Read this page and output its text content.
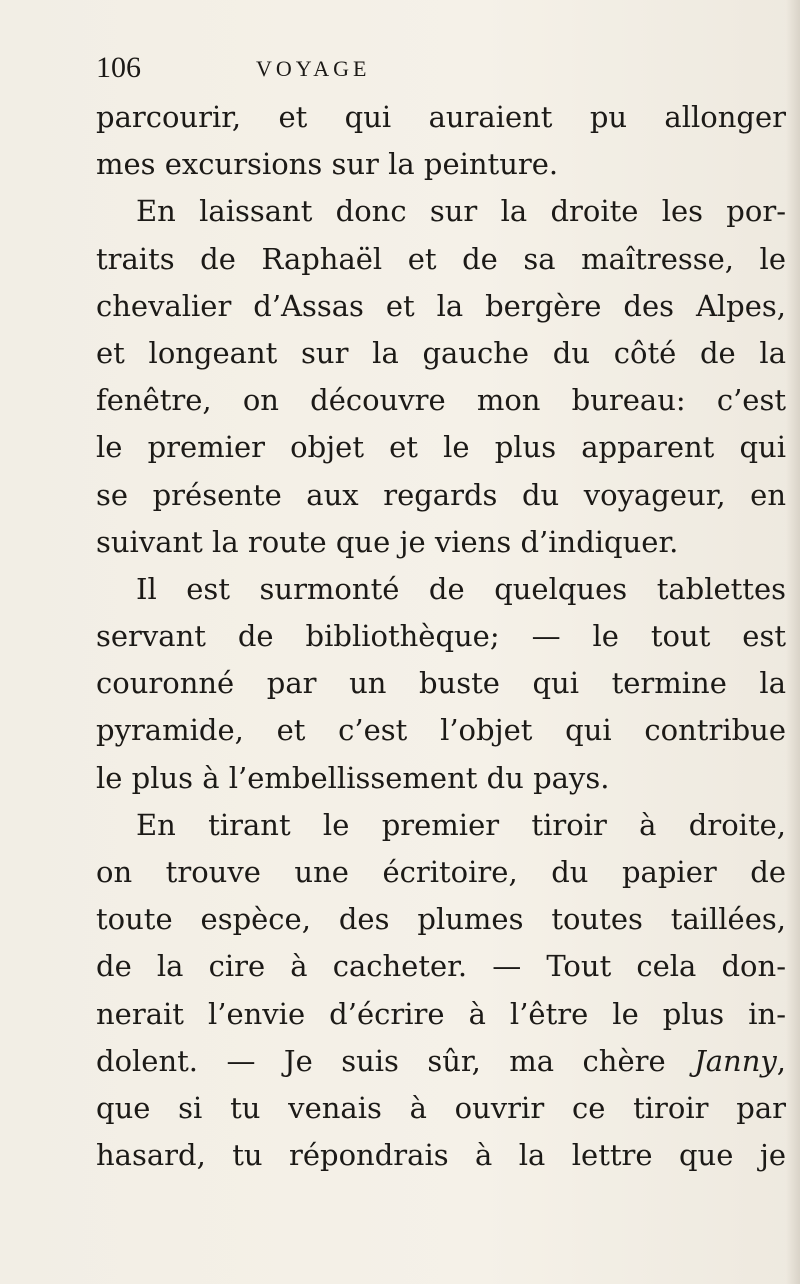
106	VOYAGE
parcourir, et qui auraient pu allonger
mes excursions sur la peinture.
En laissant donc sur la droite les por-
traits de Raphaël et de sa maîtresse, le
chevalier d’Assas et la bergère des Alpes,
et longeant sur la gauche du côté de la
fenêtre, on découvre mon bureau: c’est
le premier objet et le plus apparent qui
se présente aux regards du voyageur, en
suivant la route que je viens d’indiquer.
Il est surmonté de quelques tablettes
servant de bibliothèque; — le tout est
couronné par un buste qui termine la
pyramide, et c’est l’objet qui contribue
le plus à l’embellissement du pays.
En tirant le premier tiroir à droite,
on trouve une écritoire, du papier de
toute espèce, des plumes toutes taillées,
de la cire à cacheter. — Tout cela don-
nerait l’envie d’écrire à l’être le plus in-
dolent. — Je suis sûr, ma chère Janny,
que si tu venais à ouvrir ce tiroir par
hasard, tu répondrais à la lettre que je
